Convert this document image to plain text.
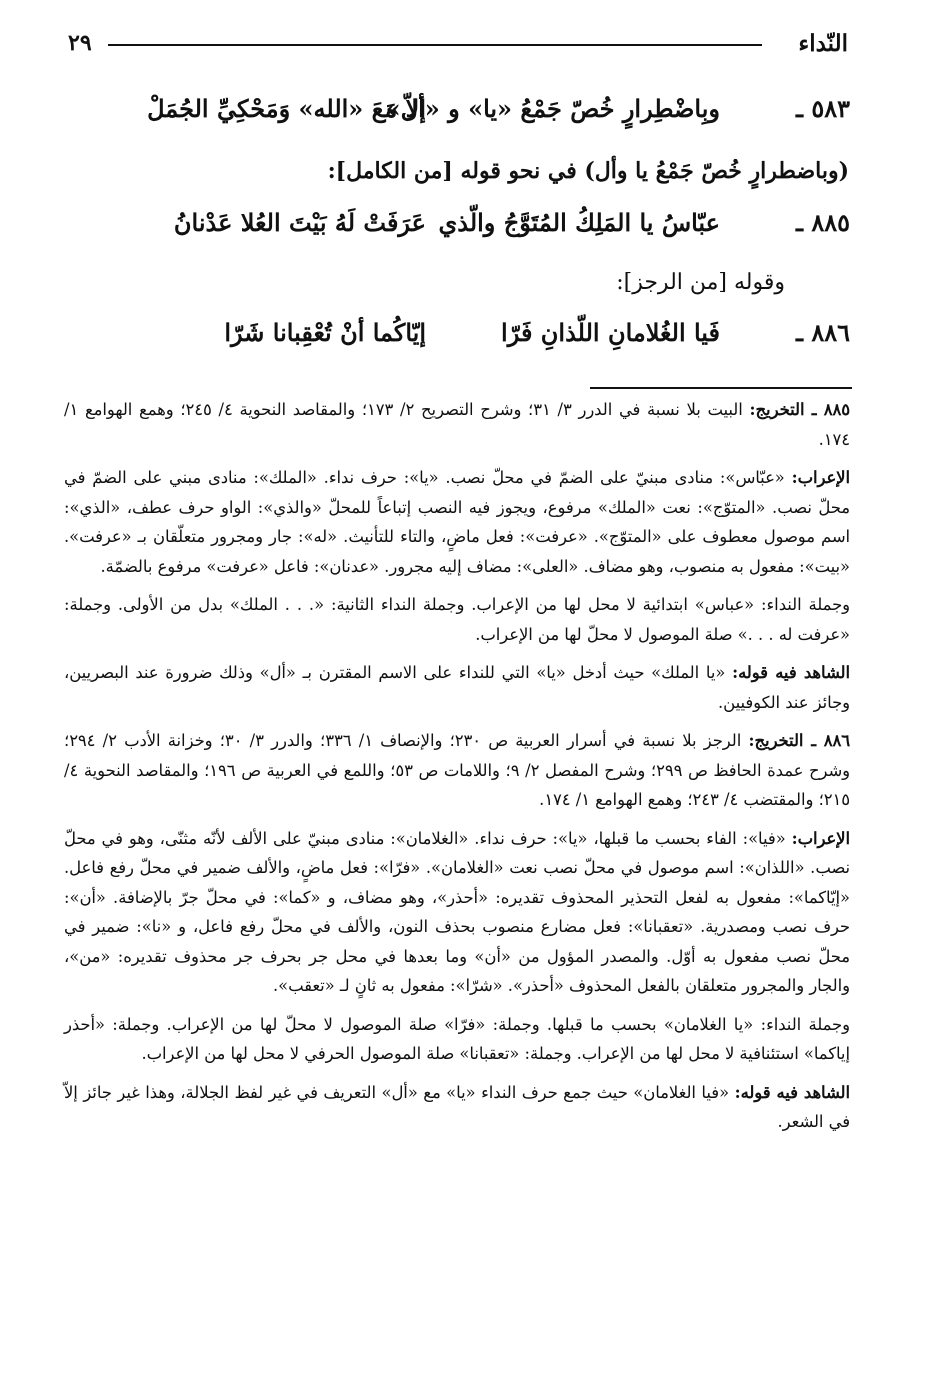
٢٩	النّداء
٥٨٣ ـ
وبِاضْطِرارٍ خُصّ جَمْعُ «يا» و «أل»
إلاّ مَعَ «الله» وَمَحْكِيِّ الجُمَلْ
(وباضطرارٍ خُصّ جَمْعُ يا وأل) في نحو قوله [من الكامل]:
٨٨٥ ـ
عبّاسُ يا المَلِكُ المُتَوَّجُ والّذي
عَرَفَتْ لَهُ بَيْتَ العُلا عَدْنانُ
وقوله [من الرجز]:
٨٨٦ ـ
فَيا الغُلامانِ اللّذانِ فَرّا
إيّاكُما أنْ تُعْقِبانا شَرّا

٨٨٥ ـ التخريج: البيت بلا نسبة في الدرر ٣/ ٣١؛ وشرح التصريح ٢/ ١٧٣؛ والمقاصد النحوية ٤/ ٢٤٥؛ وهمع الهوامع ١/ ١٧٤.

الإعراب: «عبّاس»: منادى مبنيّ على الضمّ في محلّ نصب. «يا»: حرف نداء. «الملك»: منادى مبني على الضمّ في محلّ نصب. «المتوّج»: نعت «الملك» مرفوع، ويجوز فيه النصب إتباعاً للمحلّ «والذي»: الواو حرف عطف، «الذي»: اسم موصول معطوف على «المتوّج». «عرفت»: فعل ماضٍ، والتاء للتأنيث. «له»: جار ومجرور متعلّقان بـ «عرفت». «بيت»: مفعول به منصوب، وهو مضاف. «العلى»: مضاف إليه مجرور. «عدنان»: فاعل «عرفت» مرفوع بالضمّة.

وجملة النداء: «عباس» ابتدائية لا محل لها من الإعراب. وجملة النداء الثانية: «. . . الملك» بدل من الأولى. وجملة: «عرفت له . . .» صلة الموصول لا محلّ لها من الإعراب.

الشاهد فيه قوله: «يا الملك» حيث أدخل «يا» التي للنداء على الاسم المقترن بـ «أل» وذلك ضرورة عند البصريين، وجائز عند الكوفيين.

٨٨٦ ـ التخريج: الرجز بلا نسبة في أسرار العربية ص ٢٣٠؛ والإنصاف ١/ ٣٣٦؛ والدرر ٣/ ٣٠؛ وخزانة الأدب ٢/ ٢٩٤؛ وشرح عمدة الحافظ ص ٢٩٩؛ وشرح المفصل ٢/ ٩؛ واللامات ص ٥٣؛ واللمع في العربية ص ١٩٦؛ والمقاصد النحوية ٤/ ٢١٥؛ والمقتضب ٤/ ٢٤٣؛ وهمع الهوامع ١/ ١٧٤.

الإعراب: «فيا»: الفاء بحسب ما قبلها، «يا»: حرف نداء. «الغلامان»: منادى مبنيّ على الألف لأنّه مثنّى، وهو في محلّ نصب. «اللذان»: اسم موصول في محلّ نصب نعت «الغلامان». «فرّا»: فعل ماضٍ، والألف ضمير في محلّ رفع فاعل. «إيّاكما»: مفعول به لفعل التحذير المحذوف تقديره: «أحذر»، وهو مضاف، و «كما»: في محلّ جرّ بالإضافة. «أن»: حرف نصب ومصدرية. «تعقبانا»: فعل مضارع منصوب بحذف النون، والألف في محلّ رفع فاعل، و «نا»: ضمير في محلّ نصب مفعول به أوّل. والمصدر المؤول من «أن» وما بعدها في محل جر بحرف جر محذوف تقديره: «من»، والجار والمجرور متعلقان بالفعل المحذوف «أحذر». «شرّا»: مفعول به ثانٍ لـ «تعقب».

وجملة النداء: «يا الغلامان» بحسب ما قبلها. وجملة: «فرّا» صلة الموصول لا محلّ لها من الإعراب. وجملة: «أحذر إياكما» استئنافية لا محل لها من الإعراب. وجملة: «تعقبانا» صلة الموصول الحرفي لا محل لها من الإعراب.

الشاهد فيه قوله: «فيا الغلامان» حيث جمع حرف النداء «يا» مع «أل» التعريف في غير لفظ الجلالة، وهذا غير جائز إلاّ في الشعر.
